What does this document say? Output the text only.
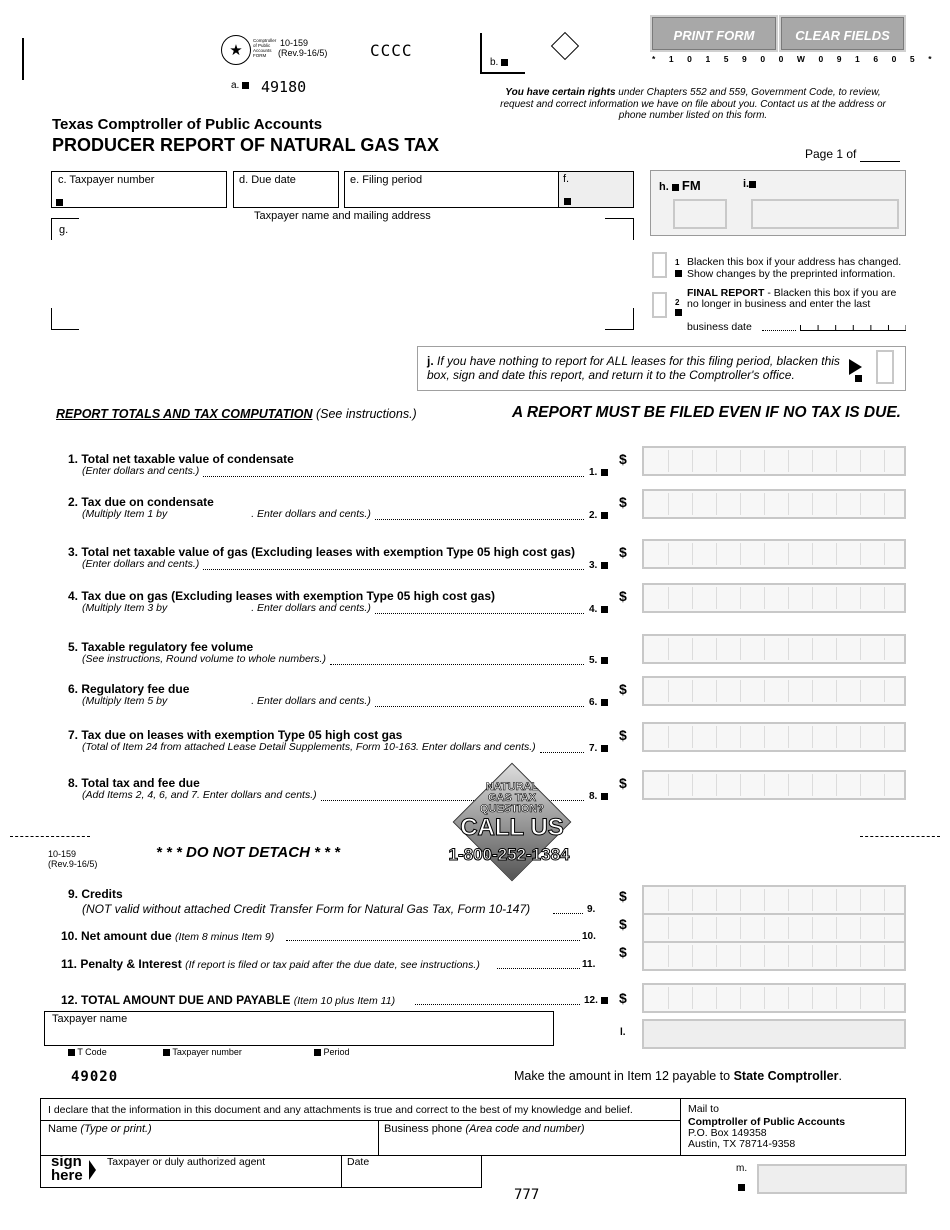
★
Comptroller of Public Accounts FORM
10-159
(Rev.9-16/5)	CCCC
b.
PRINT FORM	CLEAR FIELDS
* 1 0 1 5 9 0 0 W 0 9 1 6 0 5 *
a.	49180	You have certain rights under Chapters 552 and 559, Government Code, to review, request and correct information we have on file about you. Contact us at the address or phone number listed on this form.
Texas Comptroller of Public Accounts
PRODUCER REPORT OF NATURAL GAS TAX	Page 1 of
c. Taxpayer number	d. Due date	e. Filing period	f.
h. FM	i.
Taxpayer name and mailing address
g.
1 Blacken this box if your address has changed. Show changes by the preprinted information.
2
FINAL REPORT - Blacken this box if you are no longer in business and enter the last
business date
j. If you have nothing to report for ALL leases for this filing period, blacken this box, sign and date this report, and return it to the Comptroller's office.
REPORT TOTALS AND TAX COMPUTATION (See instructions.)	A REPORT MUST BE FILED EVEN IF NO TAX IS DUE.
1. Total net taxable value of condensate
(Enter dollars and cents.)	1.
$
2. Tax due on condensate
(Multiply Item 1 by	. Enter dollars and cents.)	2.
$
3. Total net taxable value of gas (Excluding leases with exemption Type 05 high cost gas)
(Enter dollars and cents.)	3.
$
4. Tax due on gas (Excluding leases with exemption Type 05 high cost gas)
(Multiply Item 3 by	. Enter dollars and cents.)	4.
$
5. Taxable regulatory fee volume
(See instructions, Round volume to whole numbers.)	5.
6. Regulatory fee due
(Multiply Item 5 by	. Enter dollars and cents.)	6.
$
7. Tax due on leases with exemption Type 05 high cost gas
(Total of Item 24 from attached Lease Detail Supplements, Form 10-163. Enter dollars and cents.)	7.
$
8. Total tax and fee due
(Add Items 2, 4, 6, and 7. Enter dollars and cents.)	8.
$
NATURAL
GAS TAX
QUESTION?
CALL US
1-800-252-1384
10-159
(Rev.9-16/5)
* * * DO NOT DETACH * * *
9. Credits
(NOT valid without attached Credit Transfer Form for Natural Gas Tax, Form 10-147)	9.
$
10. Net amount due (Item 8 minus Item 9)	10.
$
11. Penalty & Interest (If report is filed or tax paid after the due date, see instructions.)	11.
$
12. TOTAL AMOUNT DUE AND PAYABLE (Item 10 plus Item 11)	12.	$
Taxpayer name
l.
T Code	Taxpayer number	Period
49020	Make the amount in Item 12 payable to State Comptroller.
I declare that the information in this document and any attachments is true and correct to the best of my knowledge and belief.
Name (Type or print.)	Business phone (Area code and number)
Mail to
Comptroller of Public Accounts
P.O. Box 149358
Austin, TX 78714-9358
sign
here
Taxpayer or duly authorized agent	Date
m.
777
